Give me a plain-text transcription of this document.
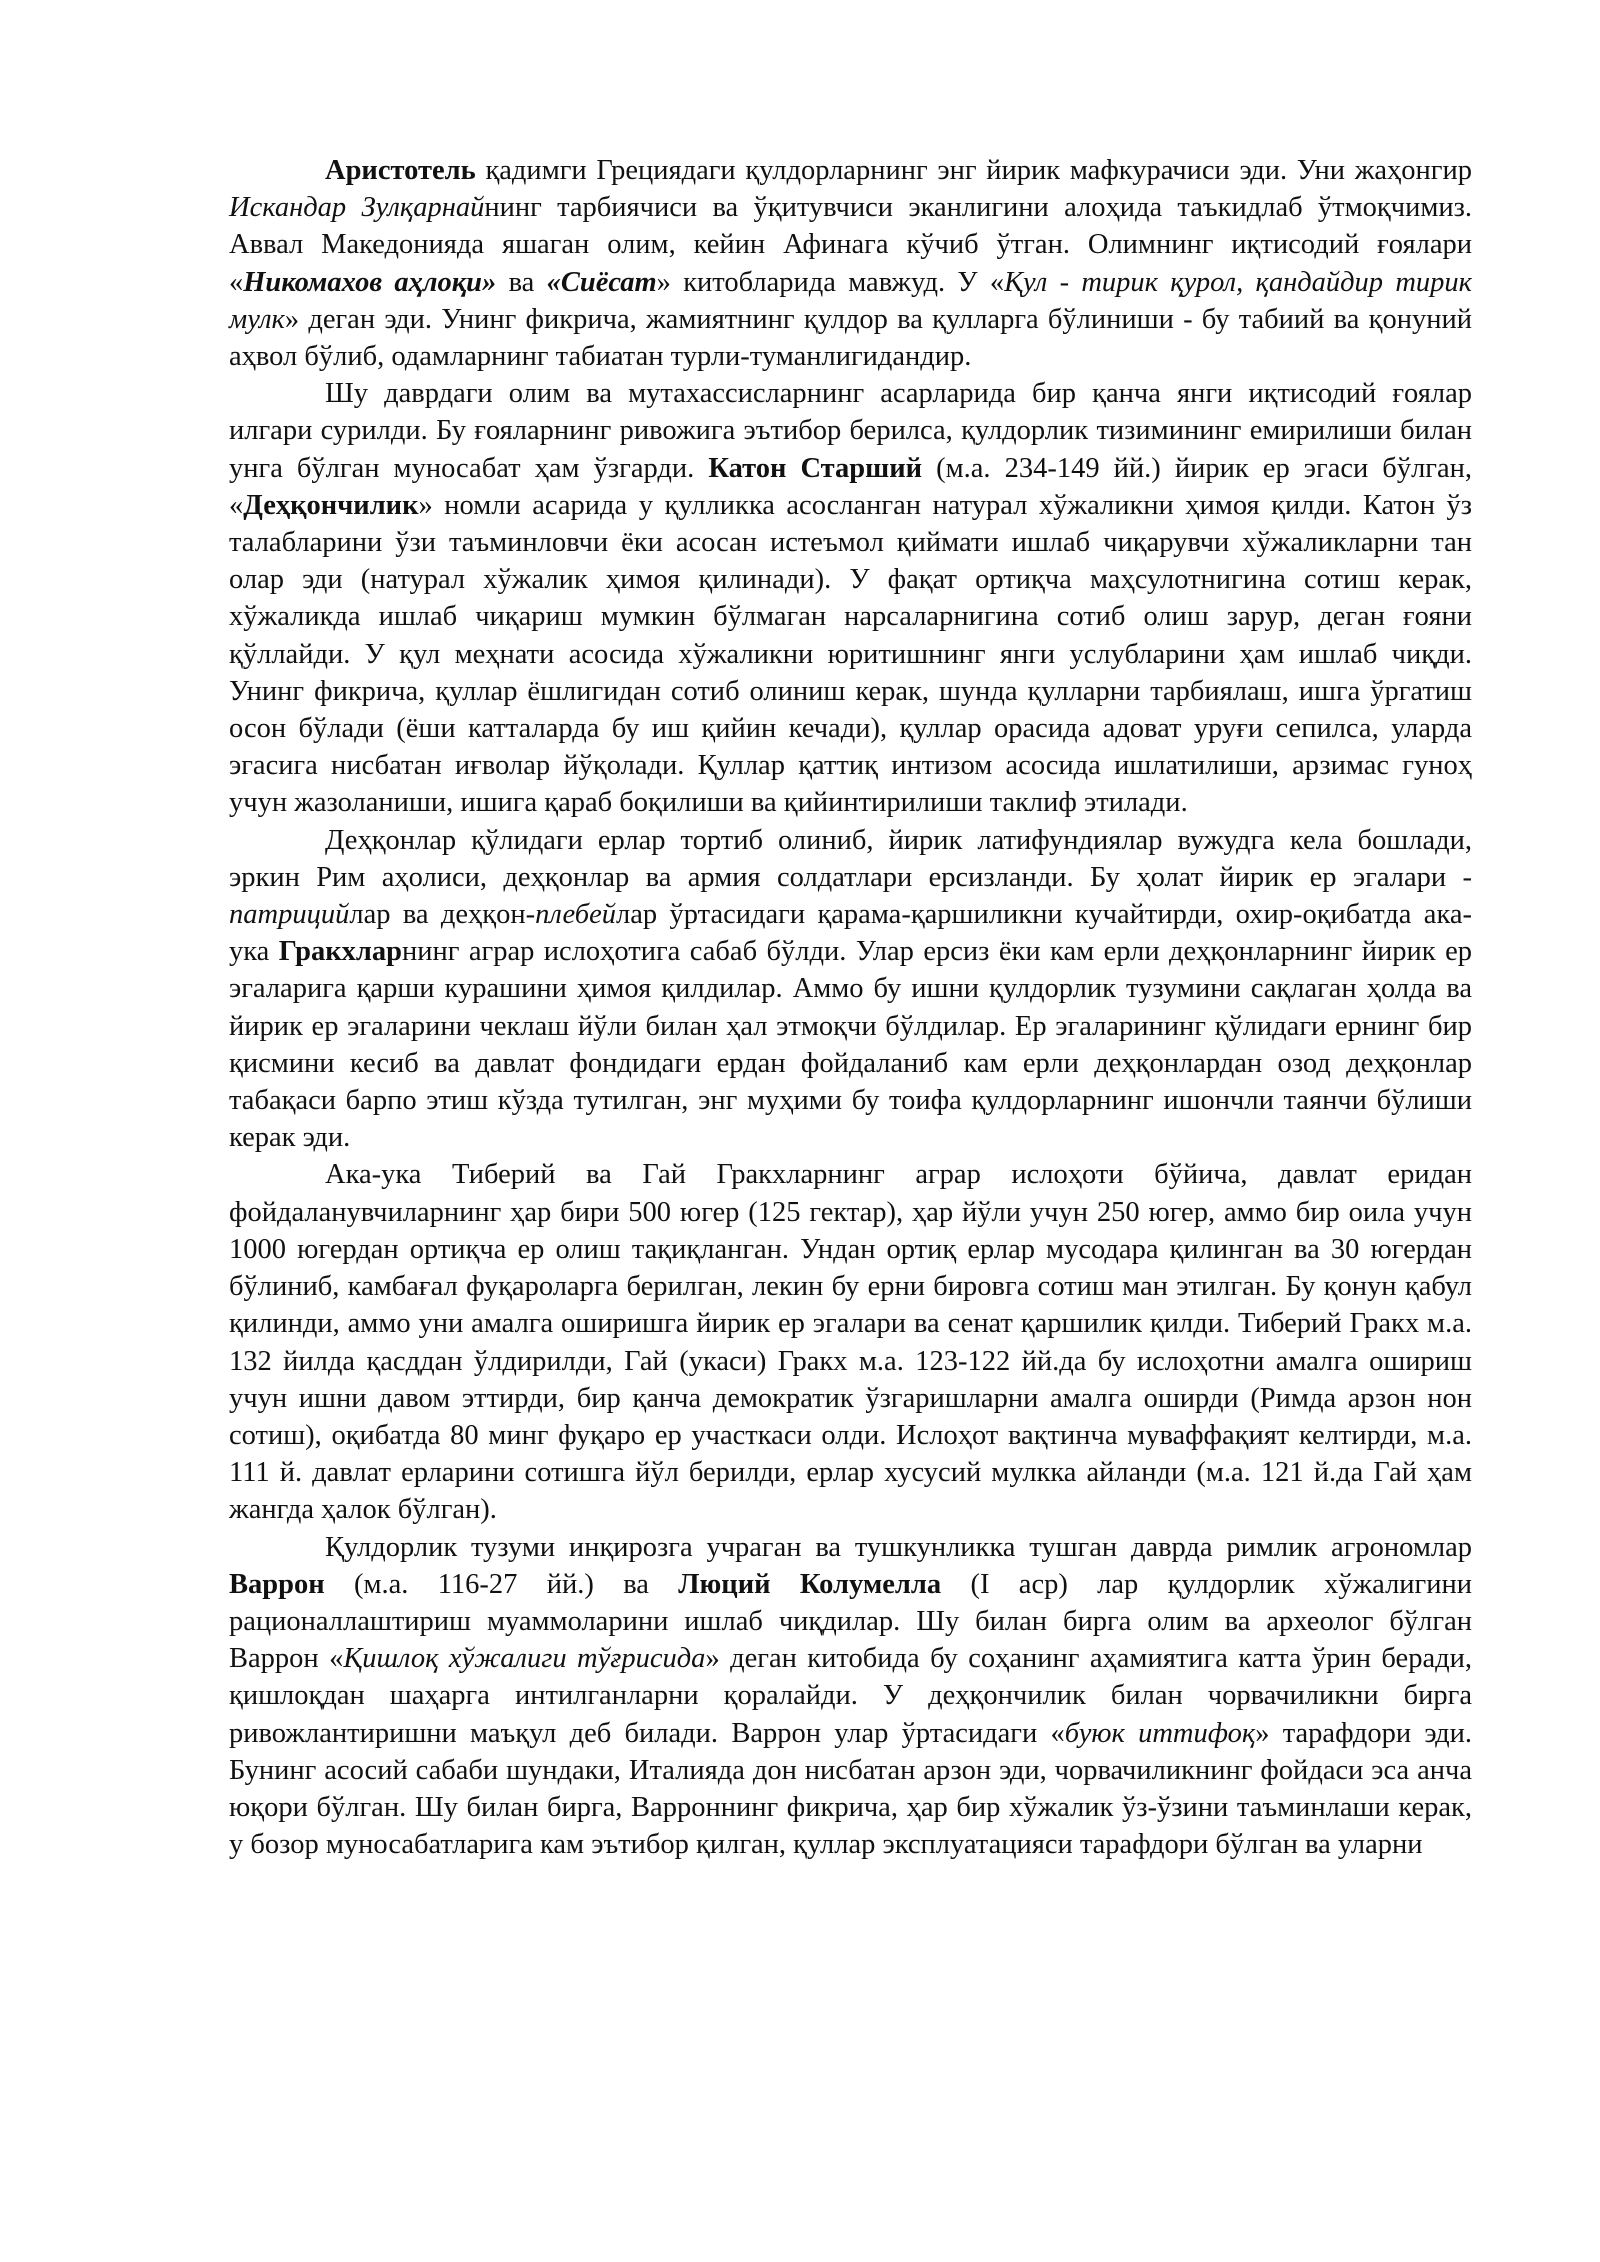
Аристотель қадимги Грециядаги қулдорларнинг энг йирик мафкурачиси эди. Уни жаҳонгир Искандар Зулқарнайнинг тарбиячиси ва ўқитувчиси эканлигини алоҳида таъкидлаб ўтмоқчимиз. Аввал Македонияда яшаган олим, кейин Афинага кўчиб ўтган. Олимнинг иқтисодий ғоялари «Никомахов аҳлоқи» ва «Сиёсат» китобларида мавжуд. У «Қул - тирик қурол, қандайдир тирик мулк» деган эди. Унинг фикрича, жамиятнинг қулдор ва қулларга бўлиниши - бу табиий ва қонуний аҳвол бўлиб, одамларнинг табиатан турли-туманлигидандир.

Шу даврдаги олим ва мутахассисларнинг асарларида бир қанча янги иқтисодий ғоялар илгари сурилди. Бу ғояларнинг ривожига эътибор берилса, қулдорлик тизимининг емирилиши билан унга бўлган муносабат ҳам ўзгарди. Катон Старший (м.а. 234-149 йй.) йирик ер эгаси бўлган, «Деҳқончилик» номли асарида у қулликка асосланган натурал хўжаликни ҳимоя қилди. Катон ўз талабларини ўзи таъминловчи ёки асосан истеъмол қиймати ишлаб чиқарувчи хўжаликларни тан олар эди (натурал хўжалик ҳимоя қилинади). У фақат ортиқча маҳсулотнигина сотиш керак, хўжаликда ишлаб чиқариш мумкин бўлмаган нарсаларнигина сотиб олиш зарур, деган ғояни қўллайди. У қул меҳнати асосида хўжаликни юритишнинг янги услубларини ҳам ишлаб чиқди. Унинг фикрича, қуллар ёшлигидан сотиб олиниш керак, шунда қулларни тарбиялаш, ишга ўргатиш осон бўлади (ёши катталарда бу иш қийин кечади), қуллар орасида адоват уруғи сепилса, уларда эгасига нисбатан иғволар йўқолади. Қуллар қаттиқ интизом асосида ишлатилиши, арзимас гуноҳ учун жазоланиши, ишига қараб боқилиши ва қийинтирилиши таклиф этилади.

Деҳқонлар қўлидаги ерлар тортиб олиниб, йирик латифундиялар вужудга кела бошлади, эркин Рим аҳолиси, деҳқонлар ва армия солдатлари ерсизланди. Бу ҳолат йирик ер эгалари - патрицийлар ва деҳқон-плебейлар ўртасидаги қарама-қаршиликни кучайтирди, охир-оқибатда ака-ука Гракхларнинг аграр ислоҳотига сабаб бўлди. Улар ерсиз ёки кам ерли деҳқонларнинг йирик ер эгаларига қарши курашини ҳимоя қилдилар. Аммо бу ишни қулдорлик тузумини сақлаган ҳолда ва йирик ер эгаларини чеклаш йўли билан ҳал этмоқчи бўлдилар. Ер эгаларининг қўлидаги ернинг бир қисмини кесиб ва давлат фондидаги ердан фойдаланиб кам ерли деҳқонлардан озод деҳқонлар табақаси барпо этиш кўзда тутилган, энг муҳими бу тоифа қулдорларнинг ишончли таянчи бўлиши керак эди.

Ака-ука Тиберий ва Гай Гракхларнинг аграр ислоҳоти бўйича, давлат еридан фойдаланувчиларнинг ҳар бири 500 югер (125 гектар), ҳар йўли учун 250 югер, аммо бир оила учун 1000 югердан ортиқча ер олиш тақиқланган. Ундан ортиқ ерлар мусодара қилинган ва 30 югердан бўлиниб, камбағал фуқароларга берилган, лекин бу ерни бировга сотиш ман этилган. Бу қонун қабул қилинди, аммо уни амалга оширишга йирик ер эгалари ва сенат қаршилик қилди. Тиберий Гракх м.а. 132 йилда қасддан ўлдирилди, Гай (укаси) Гракх м.а. 123-122 йй.да бу ислоҳотни амалга ошириш учун ишни давом эттирди, бир қанча демократик ўзгаришларни амалга оширди (Римда арзон нон сотиш), оқибатда 80 минг фуқаро ер участкаси олди. Ислоҳот вақтинча муваффақият келтирди, м.а. 111 й. давлат ерларини сотишга йўл берилди, ерлар хусусий мулкка айланди (м.а. 121 й.да Гай ҳам жангда ҳалок бўлган).

Қулдорлик тузуми инқирозга учраган ва тушкунликка тушган даврда римлик агрономлар Варрон (м.а. 116-27 йй.) ва Люций Колумелла (I аср) лар қулдорлик хўжалигини рационаллаштириш муаммоларини ишлаб чиқдилар. Шу билан бирга олим ва археолог бўлган Варрон «Қишлоқ хўжалиги тўғрисида» деган китобида бу соҳанинг аҳамиятига катта ўрин беради, қишлоқдан шаҳарга интилганларни қоралайди. У деҳқончилик билан чорвачиликни бирга ривожлантиришни маъқул деб билади. Варрон улар ўртасидаги «буюк иттифоқ» тарафдори эди. Бунинг асосий сабаби шундаки, Италияда дон нисбатан арзон эди, чорвачиликнинг фойдаси эса анча юқори бўлган. Шу билан бирга, Варроннинг фикрича, ҳар бир хўжалик ўз-ўзини таъминлаши керак, у бозор муносабатларига кам эътибор қилган, қуллар эксплуатацияси тарафдори бўлган ва уларни
